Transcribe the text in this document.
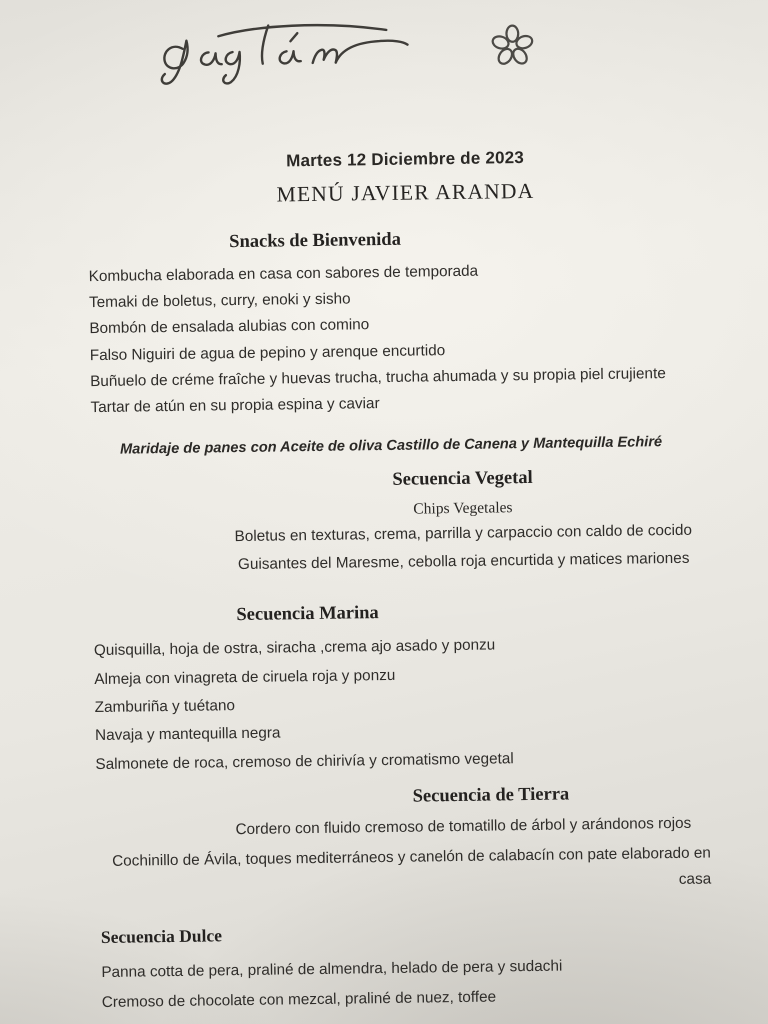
Martes 12 Diciembre de 2023

MENÚ JAVIER ARANDA
Snacks de Bienvenida

Kombucha elaborada en casa con sabores de temporada

Temaki de boletus, curry, enoki y sisho

Bombón de ensalada alubias con comino

Falso Niguiri de agua de pepino y arenque encurtido

Buñuelo de créme fraîche y huevas trucha, trucha ahumada y su propia piel crujiente

Tartar de atún en su propia espina y caviar

Maridaje de panes con Aceite de oliva Castillo de Canena y Mantequilla Echiré

Secuencia Vegetal

Chips Vegetales

Boletus en texturas, crema, parrilla y carpaccio con caldo de cocido

Guisantes del Maresme, cebolla roja encurtida y matices mariones

Secuencia Marina

Quisquilla, hoja de ostra, siracha ,crema ajo asado y ponzu

Almeja con vinagreta de ciruela roja y ponzu

Zamburiña y tuétano

Navaja y mantequilla negra

Salmonete de roca, cremoso de chirivía y cromatismo vegetal

Secuencia de Tierra

Cordero con fluido cremoso de tomatillo de árbol y arándonos rojos

Cochinillo de Ávila, toques mediterráneos y canelón de calabacín con pate elaborado en casa

Secuencia Dulce

Panna cotta de pera, praliné de almendra, helado de pera y sudachi

Cremoso de chocolate con mezcal, praliné de nuez, toffee
